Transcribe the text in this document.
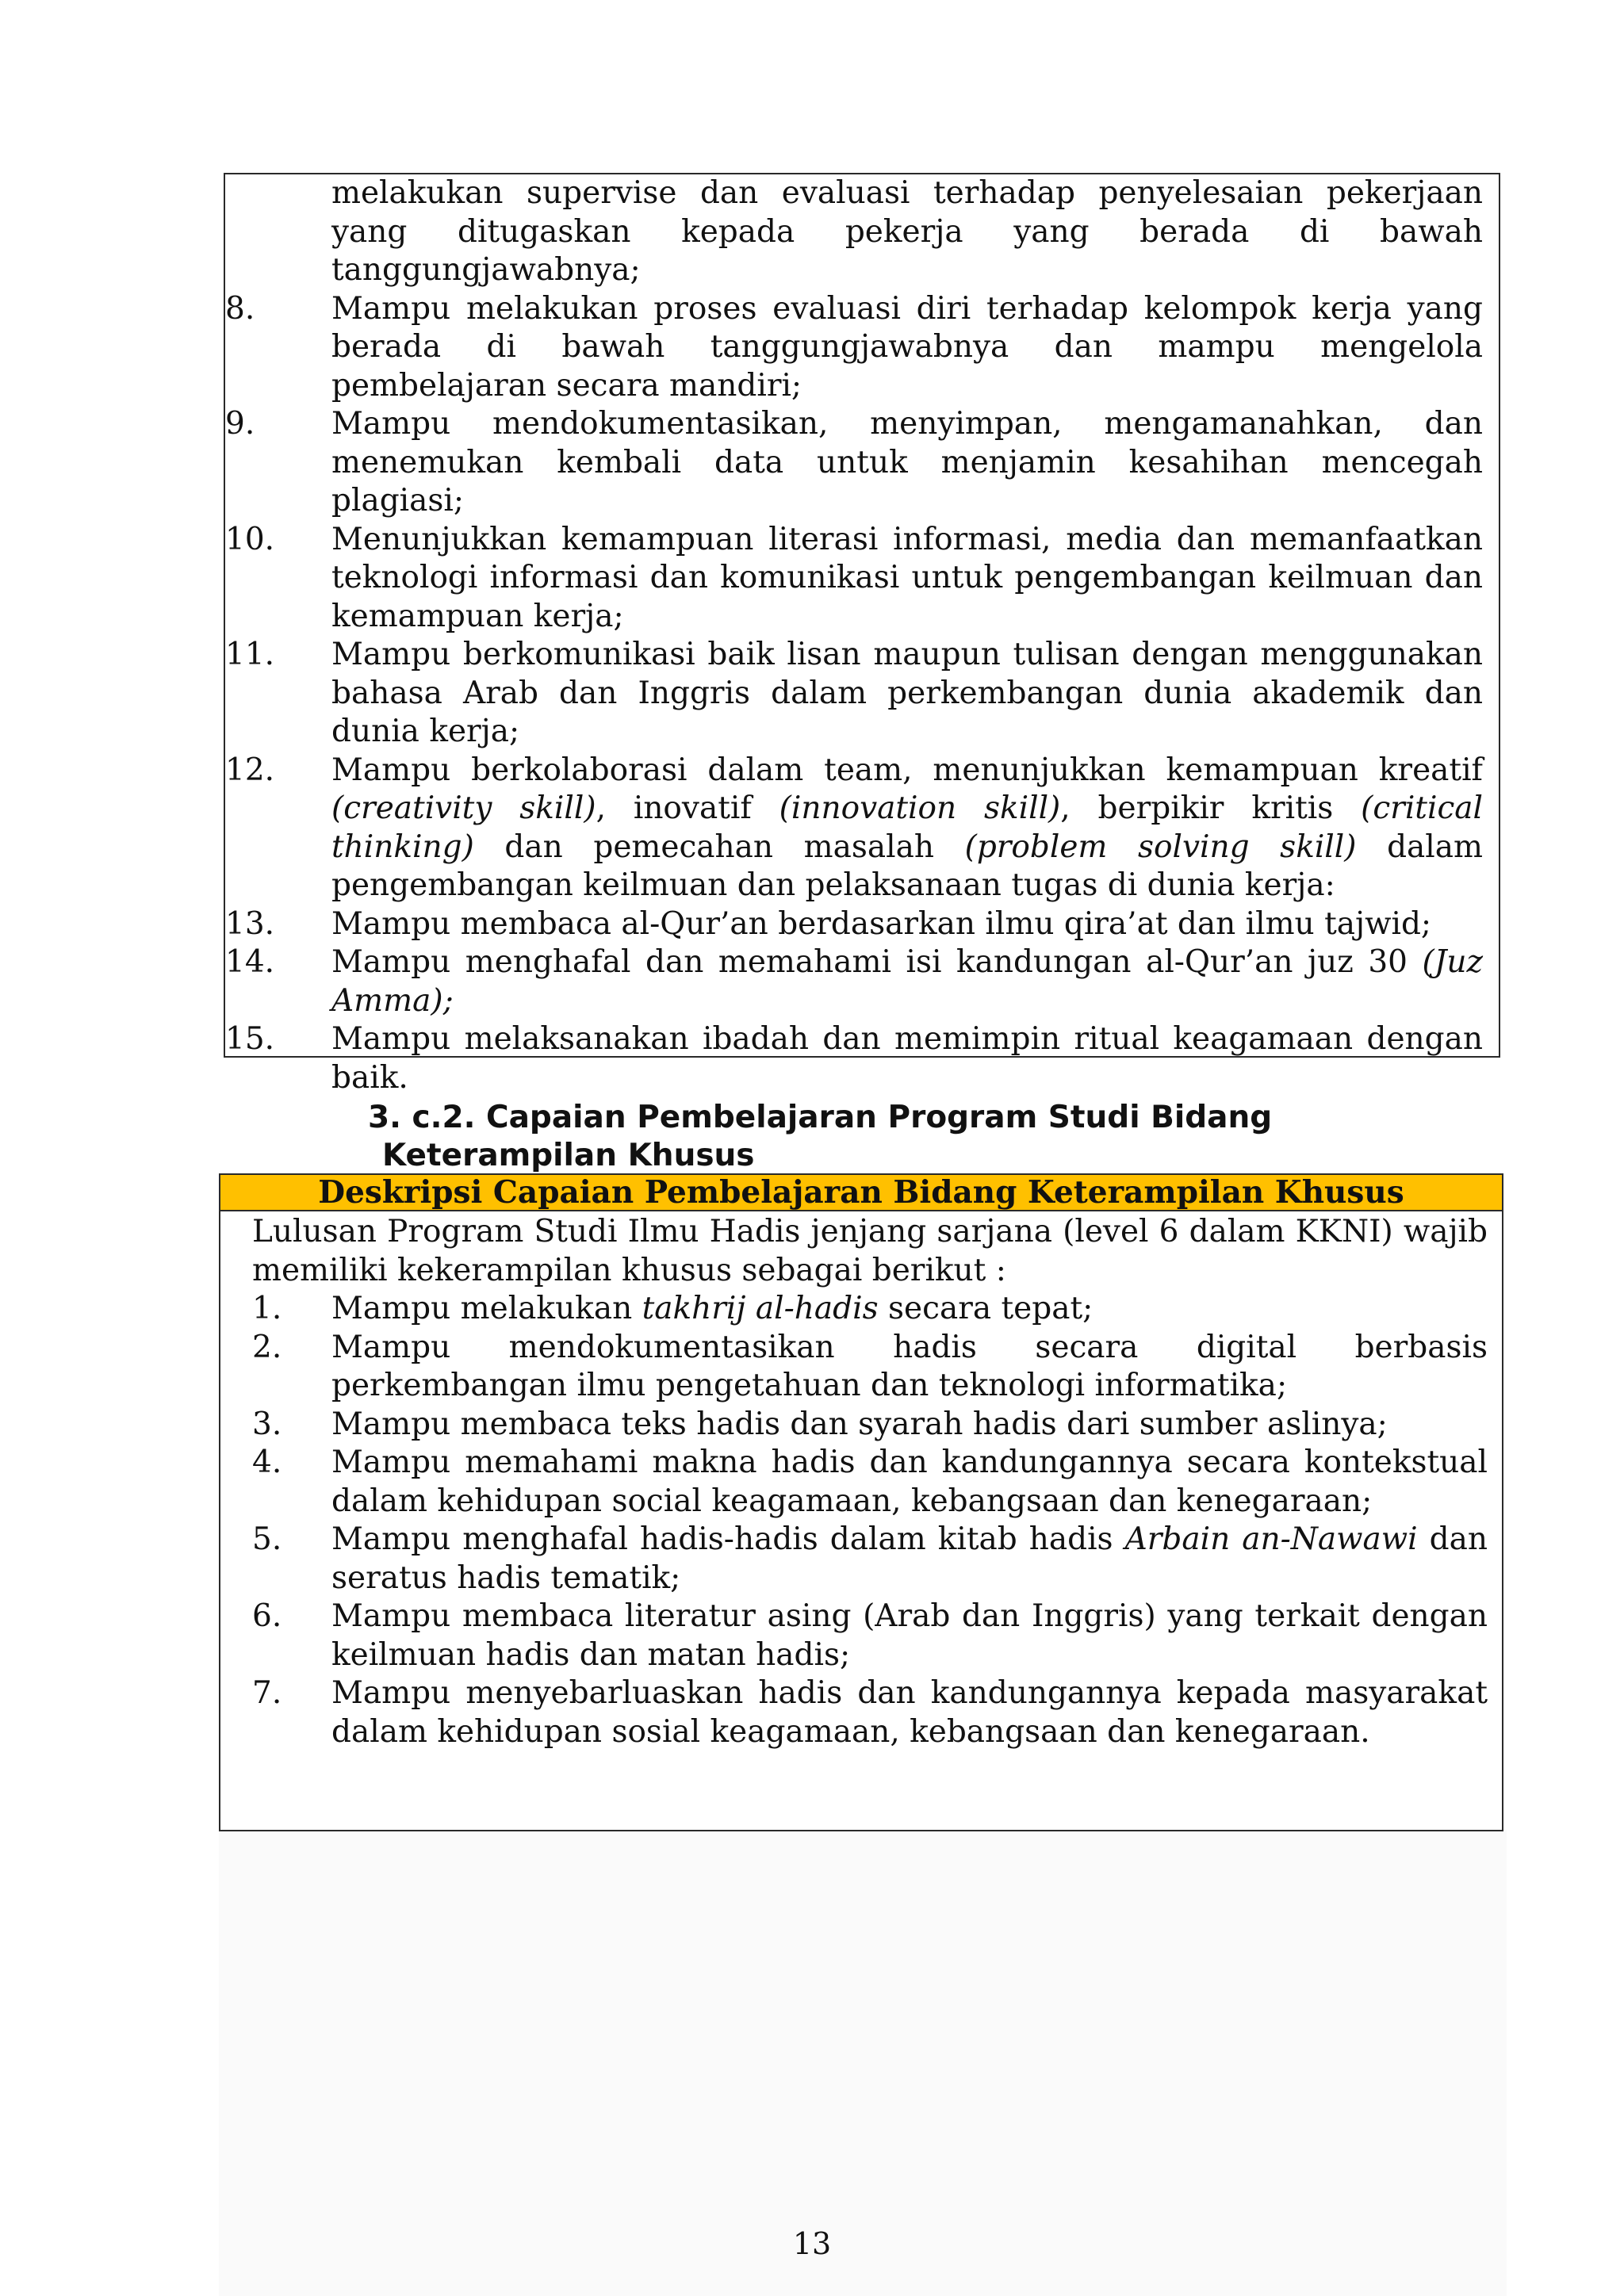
melakukan supervise dan evaluasi terhadap penyelesaian pekerjaan yang ditugaskan kepada pekerja yang berada di bawah tanggungjawabnya;
8.	Mampu melakukan proses evaluasi diri terhadap kelompok kerja yang berada di bawah tanggungjawabnya dan mampu mengelola pembelajaran secara mandiri;
9.	Mampu mendokumentasikan, menyimpan, mengamanahkan, dan menemukan kembali data untuk menjamin kesahihan mencegah plagiasi;
10.	Menunjukkan kemampuan literasi informasi, media dan memanfaatkan teknologi informasi dan komunikasi untuk pengembangan keilmuan dan kemampuan kerja;
11.	Mampu berkomunikasi baik lisan maupun tulisan dengan menggunakan bahasa Arab dan Inggris dalam perkembangan dunia akademik dan dunia kerja;
12.	Mampu berkolaborasi dalam team, menunjukkan kemampuan kreatif (creativity skill), inovatif (innovation skill), berpikir kritis (critical thinking) dan pemecahan masalah (problem solving skill) dalam pengembangan keilmuan dan pelaksanaan tugas di dunia kerja:
13.	Mampu membaca al-Qur’an berdasarkan ilmu qira’at dan ilmu tajwid;
14.	Mampu menghafal dan memahami isi kandungan al-Qur’an juz 30 (Juz Amma);
15.	Mampu melaksanakan ibadah dan memimpin ritual keagamaan dengan baik.
3. c.2. Capaian Pembelajaran Program Studi Bidang
Keterampilan Khusus
Deskripsi Capaian Pembelajaran Bidang Keterampilan Khusus
Lulusan Program Studi Ilmu Hadis jenjang sarjana (level 6 dalam KKNI) wajib memiliki kekerampilan khusus sebagai berikut :
1. Mampu melakukan takhrij al-hadis secara tepat;
2. Mampu mendokumentasikan hadis secara digital berbasis perkembangan ilmu pengetahuan dan teknologi informatika;
3. Mampu membaca teks hadis dan syarah hadis dari sumber aslinya;
4. Mampu memahami makna hadis dan kandungannya secara kontekstual dalam kehidupan social keagamaan, kebangsaan dan kenegaraan;
5. Mampu menghafal hadis-hadis dalam kitab hadis Arbain an-Nawawi dan seratus hadis tematik;
6. Mampu membaca literatur asing (Arab dan Inggris) yang terkait dengan keilmuan hadis dan matan hadis;
7. Mampu menyebarluaskan hadis dan kandungannya kepada masyarakat dalam kehidupan sosial keagamaan, kebangsaan dan kenegaraan.
13
